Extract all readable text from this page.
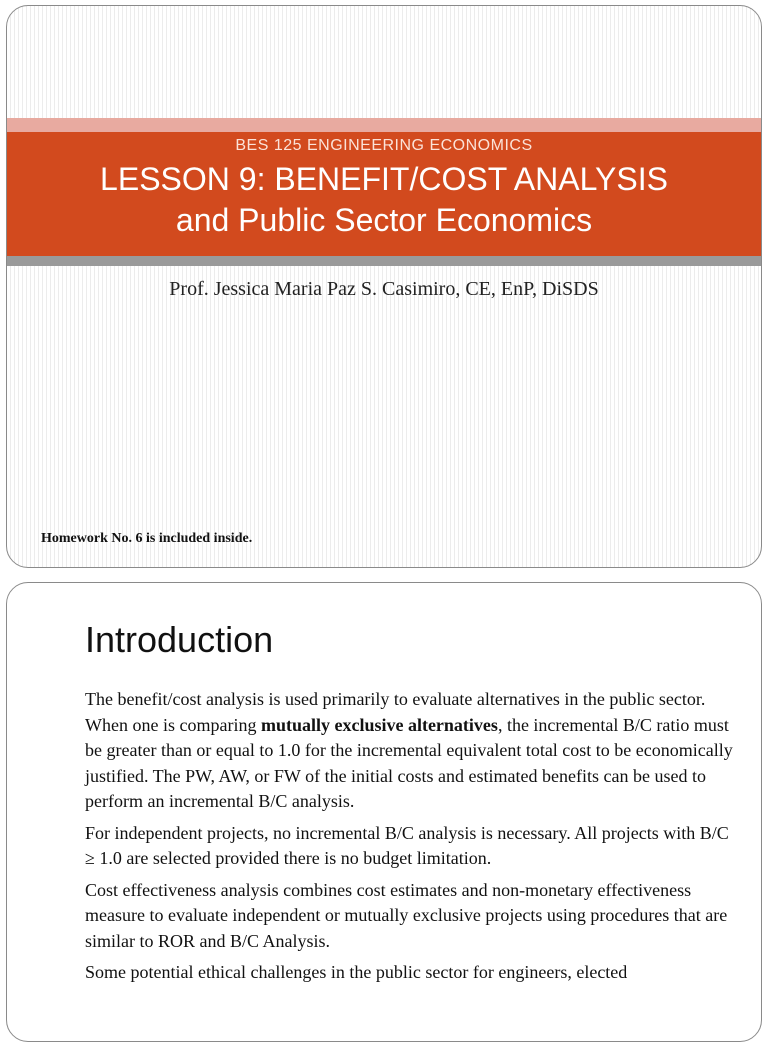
BES 125 ENGINEERING ECONOMICS
LESSON 9: BENEFIT/COST ANALYSIS
and Public Sector Economics
Prof. Jessica Maria Paz S. Casimiro, CE, EnP, DiSDS
Homework No. 6 is included inside.
Introduction

The benefit/cost analysis is used primarily to evaluate alternatives in the public sector. When one is comparing mutually exclusive alternatives, the incremental B/C ratio must be greater than or equal to 1.0 for the incremental equivalent total cost to be economically justified. The PW, AW, or FW of the initial costs and estimated benefits can be used to perform an incremental B/C analysis.

For independent projects, no incremental B/C analysis is necessary. All projects with B/C ≥ 1.0 are selected provided there is no budget limitation.

Cost effectiveness analysis combines cost estimates and non-monetary effectiveness measure to evaluate independent or mutually exclusive projects using procedures that are similar to ROR and B/C Analysis.

Some potential ethical challenges in the public sector for engineers, elected
